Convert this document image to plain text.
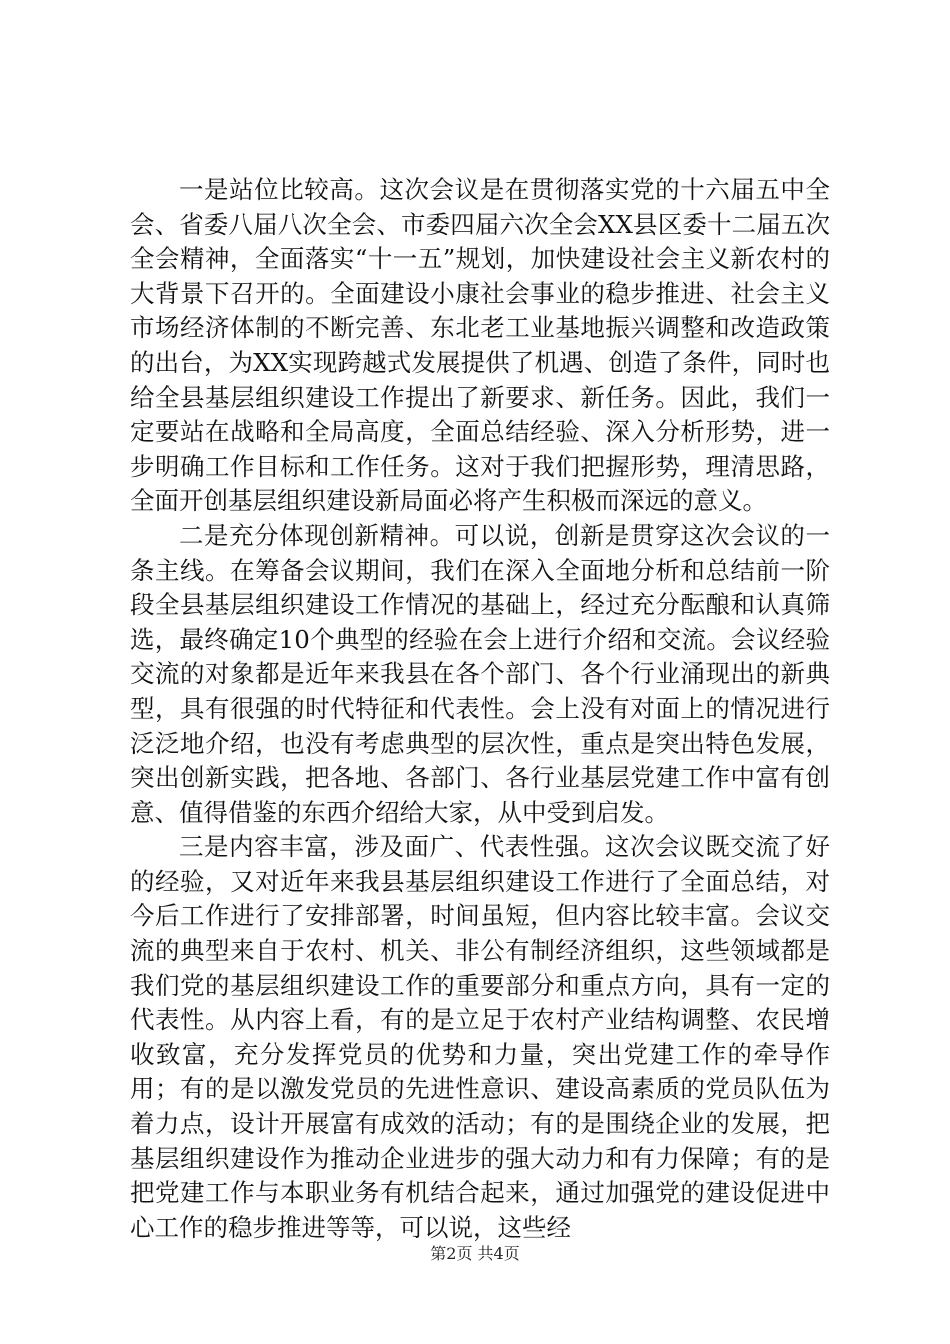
一是站位比较高。这次会议是在贯彻落实党的十六届五中全会、省委八届八次全会、市委四届六次全会XX县区委十二届五次全会精神，全面落实“十一五”规划，加快建设社会主义新农村的大背景下召开的。全面建设小康社会事业的稳步推进、社会主义市场经济体制的不断完善、东北老工业基地振兴调整和改造政策的出台，为XX实现跨越式发展提供了机遇、创造了条件，同时也给全县基层组织建设工作提出了新要求、新任务。因此，我们一定要站在战略和全局高度，全面总结经验、深入分析形势，进一步明确工作目标和工作任务。这对于我们把握形势，理清思路，全面开创基层组织建设新局面必将产生积极而深远的意义。

二是充分体现创新精神。可以说，创新是贯穿这次会议的一条主线。在筹备会议期间，我们在深入全面地分析和总结前一阶段全县基层组织建设工作情况的基础上，经过充分酝酿和认真筛选，最终确定10个典型的经验在会上进行介绍和交流。会议经验交流的对象都是近年来我县在各个部门、各个行业涌现出的新典型，具有很强的时代特征和代表性。会上没有对面上的情况进行泛泛地介绍，也没有考虑典型的层次性，重点是突出特色发展，突出创新实践，把各地、各部门、各行业基层党建工作中富有创意、值得借鉴的东西介绍给大家，从中受到启发。

三是内容丰富，涉及面广、代表性强。这次会议既交流了好的经验，又对近年来我县基层组织建设工作进行了全面总结，对今后工作进行了安排部署，时间虽短，但内容比较丰富。会议交流的典型来自于农村、机关、非公有制经济组织，这些领域都是我们党的基层组织建设工作的重要部分和重点方向，具有一定的代表性。从内容上看，有的是立足于农村产业结构调整、农民增收致富，充分发挥党员的优势和力量，突出党建工作的牵导作用；有的是以激发党员的先进性意识、建设高素质的党员队伍为着力点，设计开展富有成效的活动；有的是围绕企业的发展，把基层组织建设作为推动企业进步的强大动力和有力保障；有的是把党建工作与本职业务有机结合起来，通过加强党的建设促进中心工作的稳步推进等等，可以说，这些经

第2页 共4页
